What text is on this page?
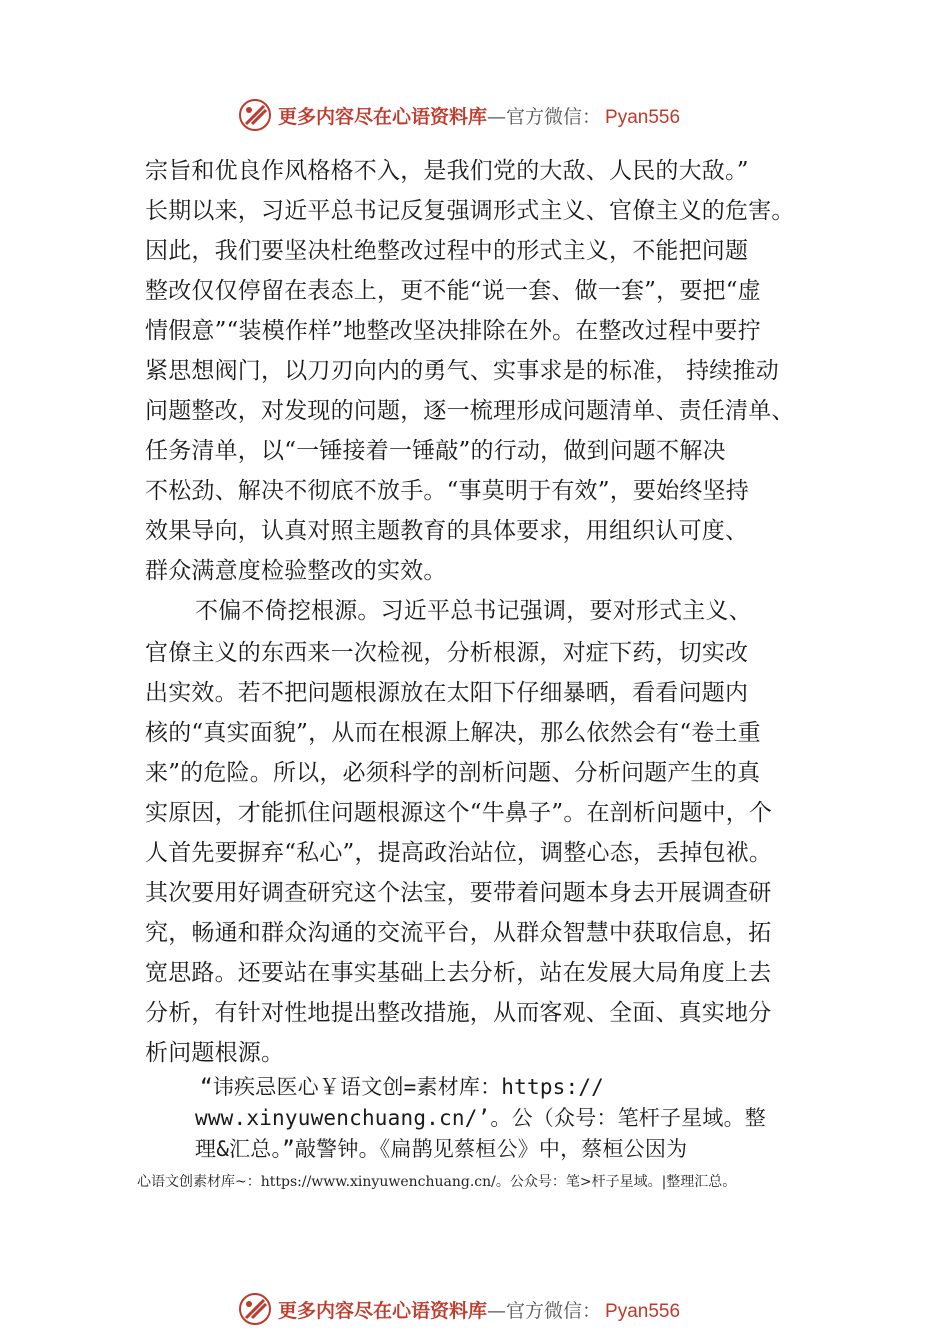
更多内容尽在心语资料库—官方微信： Pyan556
宗旨和优良作风格格不入，是我们党的大敌、人民的大敌。”
长期以来，习近平总书记反复强调形式主义、官僚主义的危害。
因此，我们要坚决杜绝整改过程中的形式主义，不能把问题
整改仅仅停留在表态上，更不能“说一套、做一套”，要把“虚
情假意”“装模作样”地整改坚决排除在外。在整改过程中要拧
紧思想阀门，以刀刃向内的勇气、实事求是的标准， 持续推动
问题整改，对发现的问题，逐一梳理形成问题清单、责任清单、
任务清单，以“一锤接着一锤敲”的行动，做到问题不解决
不松劲、解决不彻底不放手。“事莫明于有效”，要始终坚持
效果导向，认真对照主题教育的具体要求，用组织认可度、
群众满意度检验整改的实效。
不偏不倚挖根源。习近平总书记强调，要对形式主义、
官僚主义的东西来一次检视，分析根源，对症下药，切实改
出实效。若不把问题根源放在太阳下仔细暴晒，看看问题内
核的“真实面貌”，从而在根源上解决，那么依然会有“卷土重
来”的危险。所以，必须科学的剖析问题、分析问题产生的真
实原因，才能抓住问题根源这个“牛鼻子”。在剖析问题中，个
人首先要摒弃“私心”，提高政治站位，调整心态，丢掉包袱。
其次要用好调查研究这个法宝，要带着问题本身去开展调查研
究，畅通和群众沟通的交流平台，从群众智慧中获取信息，拓
宽思路。还要站在事实基础上去分析，站在发展大局角度上去
分析，有针对性地提出整改措施，从而客观、全面、真实地分
析问题根源。
“讳疾忌医心￥语文创=素材库：https://
www.xinyuwenchuang.cn/’。公（众号：笔杆子星域。整
理&汇总。”敲警钟。《扁鹊见蔡桓公》中，蔡桓公因为
心语文创素材库~：https://www.xinyuwenchuang.cn/。公众号：笔>杆子星域。|整理汇总。
更多内容尽在心语资料库—官方微信： Pyan556
